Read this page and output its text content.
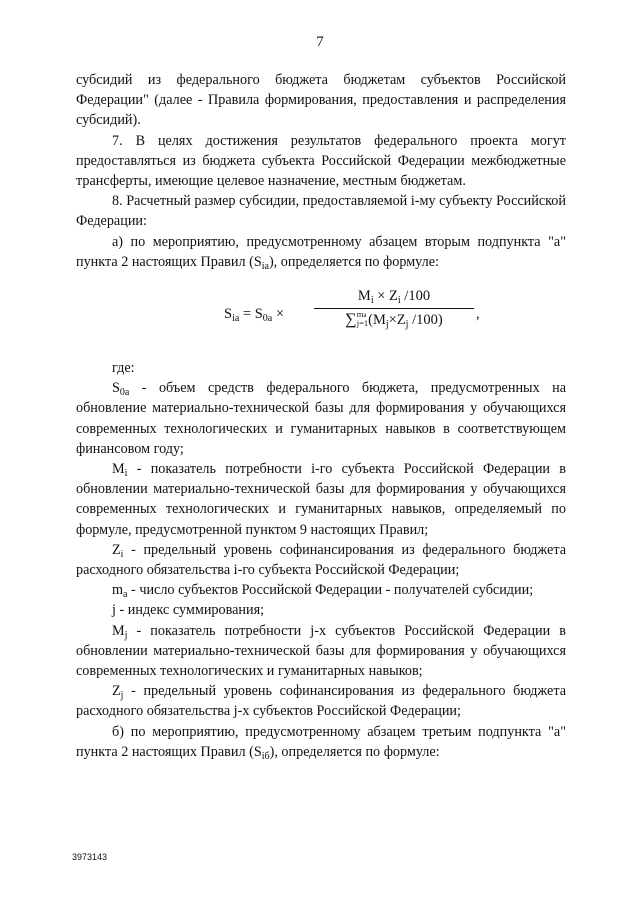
7

субсидий из федерального бюджета бюджетам субъектов Российской Федерации" (далее - Правила формирования, предоставления и распределения субсидий).

7. В целях достижения результатов федерального проекта могут предоставляться из бюджета субъекта Российской Федерации межбюджетные трансферты, имеющие целевое назначение, местным бюджетам.

8. Расчетный размер субсидии, предоставляемой i-му субъекту Российской Федерации:

а) по мероприятию, предусмотренному абзацем вторым подпункта "а" пункта 2 настоящих Правил $(S_{ia})$, определяется по формуле:

$S_{ia} = S_{0a}$ ×
$M_i \times Z_i$ /100
∑ma
$j=1(M_j\times Z_j$ /100)	,

где:

$S_{0a}$ - объем средств федерального бюджета, предусмотренных на обновление материально-технической базы для формирования у обучающихся современных технологических и гуманитарных навыков в соответствующем финансовом году;

$M_i$ - показатель потребности i-го субъекта Российской Федерации в обновлении материально-технической базы для формирования у обучающихся современных технологических и гуманитарных навыков, определяемый по формуле, предусмотренной пунктом 9 настоящих Правил;

$Z_i$ - предельный уровень софинансирования из федерального бюджета расходного обязательства i-го субъекта Российской Федерации;

$m_a$ - число субъектов Российской Федерации - получателей субсидии;

j - индекс суммирования;

$M_j$ - показатель потребности j-х субъектов Российской Федерации в обновлении материально-технической базы для формирования у обучающихся современных технологических и гуманитарных навыков;

$Z_j$ - предельный уровень софинансирования из федерального бюджета расходного обязательства j-х субъектов Российской Федерации;

б) по мероприятию, предусмотренному абзацем третьим подпункта "а" пункта 2 настоящих Правил $(S_{iб})$, определяется по формуле:

3973143
